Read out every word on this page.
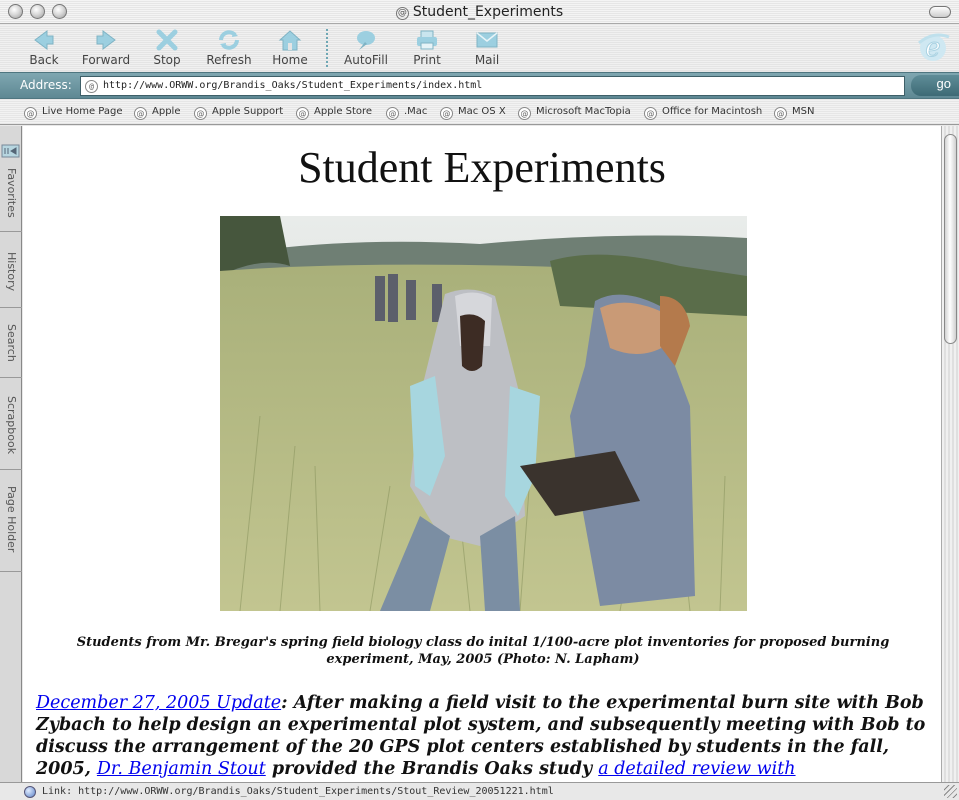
@ Student_Experiments
Back	Forward	Stop	Refresh	Home	AutoFill	Print	Mail	e
Address:	@ http://www.ORWW.org/Brandis_Oaks/Student_Experiments/index.html	go
@ Live Home Page	@ Apple	@ Apple Support	@ Apple Store	@ .Mac	@ Mac OS X	@ Microsoft MacTopia	@ Office for Macintosh	@ MSN
Favorites
History
Search
Scrapbook
Page Holder
Student Experiments
Students from Mr. Bregar's spring field biology class do inital 1/100-acre plot inventories for proposed burning experiment, May, 2005 (Photo: N. Lapham)
December 27, 2005 Update: After making a field visit to the experimental burn site with Bob Zybach to help design an experimental plot system, and subsequently meeting with Bob to discuss the arrangement of the 20 GPS plot centers established by students in the fall, 2005, Dr. Benjamin Stout provided the Brandis Oaks study a detailed review with
Link: http://www.ORWW.org/Brandis_Oaks/Student_Experiments/Stout_Review_20051221.html
